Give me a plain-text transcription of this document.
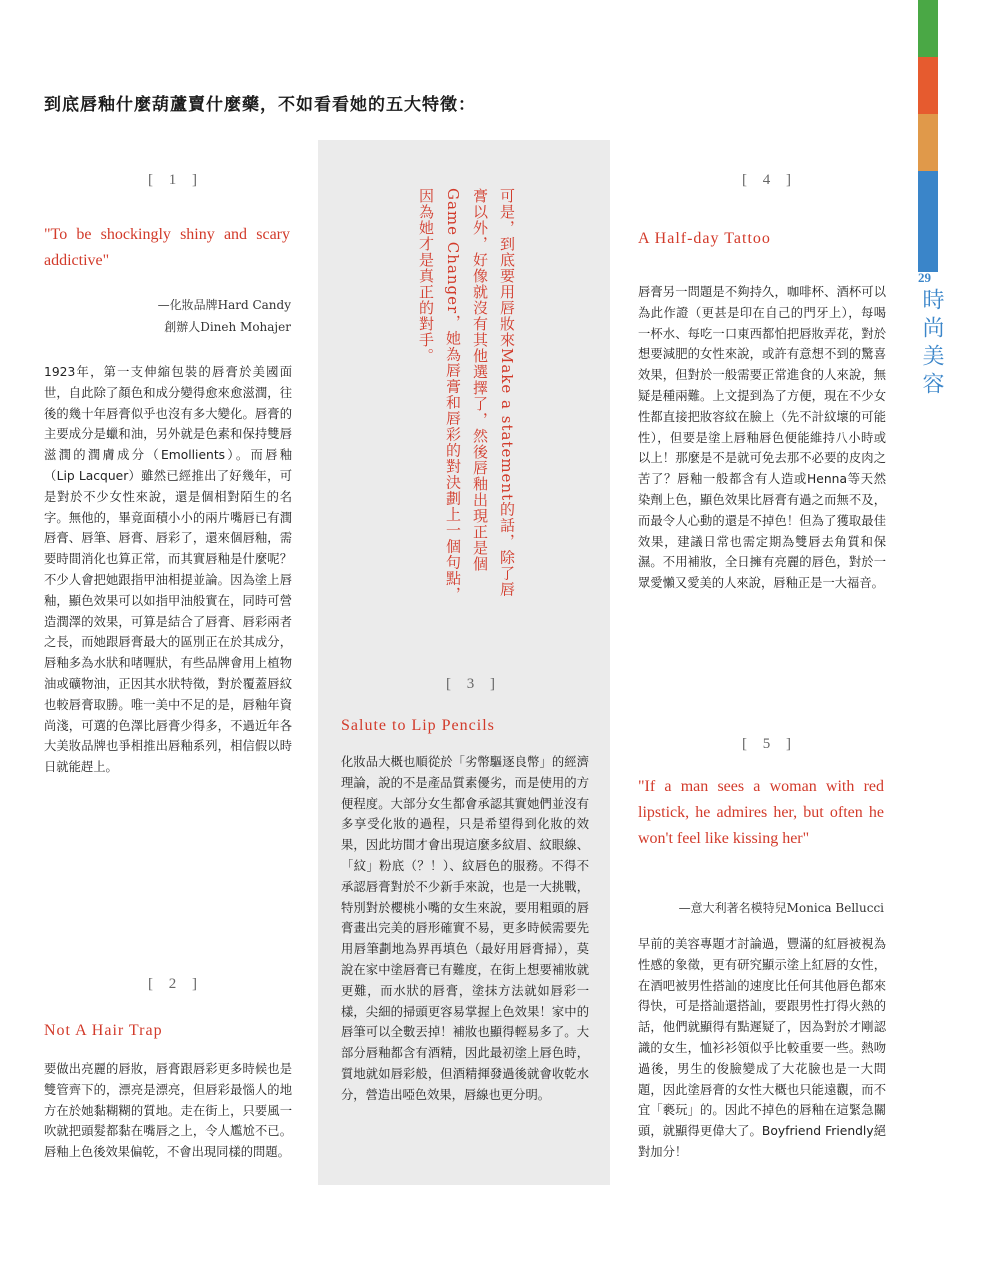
29
時尚美容
到底唇釉什麼葫蘆賣什麼藥，不如看看她的五大特徵：
[ 1 ]
"To be shockingly shiny and scary addictive"
—化妝品牌Hard Candy
創辦人Dineh Mohajer
1923年，第一支伸縮包裝的唇膏於美國面世，自此除了顏色和成分變得愈來愈滋潤，往後的幾十年唇膏似乎也沒有多大變化。唇膏的主要成分是蠟和油，另外就是色素和保持雙唇滋潤的潤膚成分（Emollients）。而唇釉（Lip Lacquer）雖然已經推出了好幾年，可是對於不少女性來說，還是個相對陌生的名字。無他的，畢竟面積小小的兩片嘴唇已有潤唇膏、唇筆、唇膏、唇彩了，還來個唇釉，需要時間消化也算正常，而其實唇釉是什麼呢？不少人會把她跟指甲油相提並論。因為塗上唇釉，顯色效果可以如指甲油般實在，同時可營造潤澤的效果，可算是結合了唇膏、唇彩兩者之長，而她跟唇膏最大的區別正在於其成分，唇釉多為水狀和啫喱狀，有些品牌會用上植物油或礦物油，正因其水狀特徵，對於覆蓋唇紋也較唇膏取勝。唯一美中不足的是，唇釉年資尚淺，可選的色澤比唇膏少得多，不過近年各大美妝品牌也爭相推出唇釉系列，相信假以時日就能趕上。
[ 2 ]
Not A Hair Trap
要做出亮麗的唇妝，唇膏跟唇彩更多時候也是雙管齊下的，漂亮是漂亮，但唇彩最惱人的地方在於她黏糊糊的質地。走在街上，只要風一吹就把頭髮都黏在嘴唇之上，令人尷尬不已。唇釉上色後效果偏乾，不會出現同樣的問題。
可是，到底要用唇妝來Make a statement的話，除了唇膏以外，好像就沒有其他選擇了，然後唇釉出現正是個Game Changer，她為唇膏和唇彩的對決劃上一個句點，因為她才是真正的對手。
[ 3 ]
Salute to Lip Pencils
化妝品大概也順從於「劣幣驅逐良幣」的經濟理論，說的不是產品質素優劣，而是使用的方便程度。大部分女生都會承認其實她們並沒有多享受化妝的過程，只是希望得到化妝的效果，因此坊間才會出現這麼多紋眉、紋眼線、「紋」粉底（？！）、紋唇色的服務。不得不承認唇膏對於不少新手來說，也是一大挑戰，特別對於櫻桃小嘴的女生來說，要用粗頭的唇膏畫出完美的唇形確實不易，更多時候需要先用唇筆劃地為界再填色（最好用唇膏掃），莫說在家中塗唇膏已有難度，在街上想要補妝就更難，而水狀的唇膏，塗抹方法就如唇彩一樣，尖細的掃頭更容易掌握上色效果！家中的唇筆可以全數丟掉！補妝也顯得輕易多了。大部分唇釉都含有酒精，因此最初塗上唇色時，質地就如唇彩般，但酒精揮發過後就會收乾水分，營造出啞色效果，唇線也更分明。
[ 4 ]
A Half-day Tattoo
唇膏另一問題是不夠持久，咖啡杯、酒杯可以為此作證（更甚是印在自己的門牙上），每喝一杯水、每吃一口東西都怕把唇妝弄花，對於想要減肥的女性來說，或許有意想不到的驚喜效果，但對於一般需要正常進食的人來說，無疑是種兩難。上文提到為了方便，現在不少女性都直接把妝容紋在臉上（先不計紋壞的可能性），但要是塗上唇釉唇色便能維持八小時或以上！那麼是不是就可免去那不必要的皮肉之苦了？唇釉一般都含有人造或Henna等天然染劑上色，顯色效果比唇膏有過之而無不及，而最令人心動的還是不掉色！但為了獲取最佳效果，建議日常也需定期為雙唇去角質和保濕。不用補妝，全日擁有亮麗的唇色，對於一眾愛懶又愛美的人來說，唇釉正是一大福音。
[ 5 ]
"If a man sees a woman with red lipstick, he admires her, but often he won't feel like kissing her"
—意大利著名模特兒Monica Bellucci
早前的美容專題才討論過，豐滿的紅唇被視為性感的象徵，更有研究顯示塗上紅唇的女性，在酒吧被男性搭訕的速度比任何其他唇色都來得快，可是搭訕還搭訕，要跟男性打得火熱的話，他們就顯得有點遲疑了，因為對於才剛認識的女生，恤衫衫領似乎比較重要一些。熱吻過後，男生的俊臉變成了大花臉也是一大問題，因此塗唇膏的女性大概也只能遠觀，而不宜「褻玩」的。因此不掉色的唇釉在這緊急關頭，就顯得更偉大了。Boyfriend Friendly絕對加分！
